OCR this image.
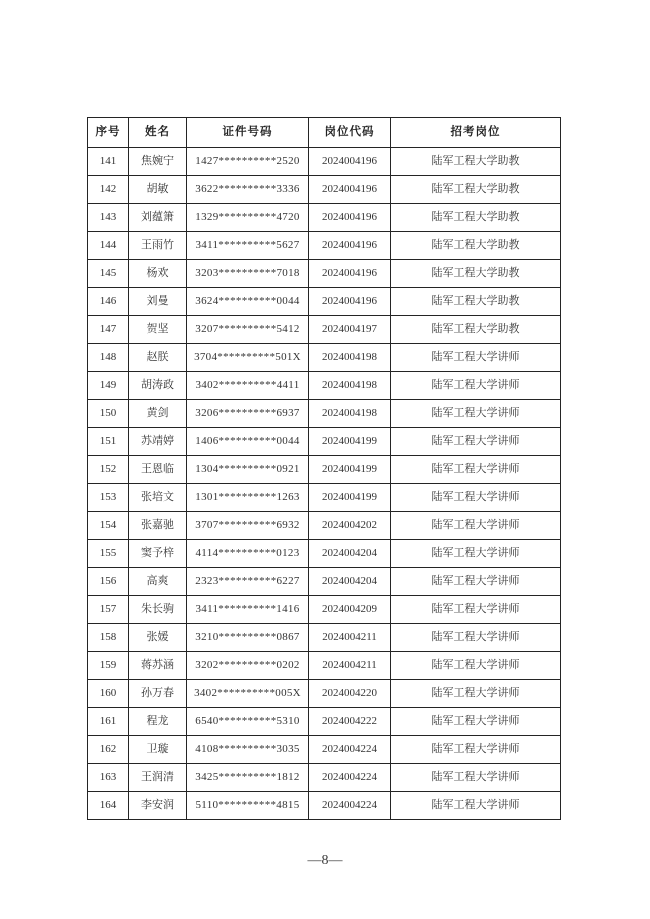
序号	姓名	证件号码	岗位代码	招考岗位
141	焦婉宁	1427**********2520	2024004196	陆军工程大学助教
142	胡敏	3622**********3336	2024004196	陆军工程大学助教
143	刘蕴箫	1329**********4720	2024004196	陆军工程大学助教
144	王雨竹	3411**********5627	2024004196	陆军工程大学助教
145	杨欢	3203**********7018	2024004196	陆军工程大学助教
146	刘曼	3624**********0044	2024004196	陆军工程大学助教
147	贺坚	3207**********5412	2024004197	陆军工程大学助教
148	赵朕	3704**********501X	2024004198	陆军工程大学讲师
149	胡涛政	3402**********4411	2024004198	陆军工程大学讲师
150	黄剑	3206**********6937	2024004198	陆军工程大学讲师
151	苏靖婷	1406**********0044	2024004199	陆军工程大学讲师
152	王恩临	1304**********0921	2024004199	陆军工程大学讲师
153	张培文	1301**********1263	2024004199	陆军工程大学讲师
154	张嘉驰	3707**********6932	2024004202	陆军工程大学讲师
155	窦予梓	4114**********0123	2024004204	陆军工程大学讲师
156	高爽	2323**********6227	2024004204	陆军工程大学讲师
157	朱长驹	3411**********1416	2024004209	陆军工程大学讲师
158	张媛	3210**********0867	2024004211	陆军工程大学讲师
159	蒋苏涵	3202**********0202	2024004211	陆军工程大学讲师
160	孙万春	3402**********005X	2024004220	陆军工程大学讲师
161	程龙	6540**********5310	2024004222	陆军工程大学讲师
162	卫璇	4108**********3035	2024004224	陆军工程大学讲师
163	王润清	3425**********1812	2024004224	陆军工程大学讲师
164	李安润	5110**********4815	2024004224	陆军工程大学讲师
—8—
